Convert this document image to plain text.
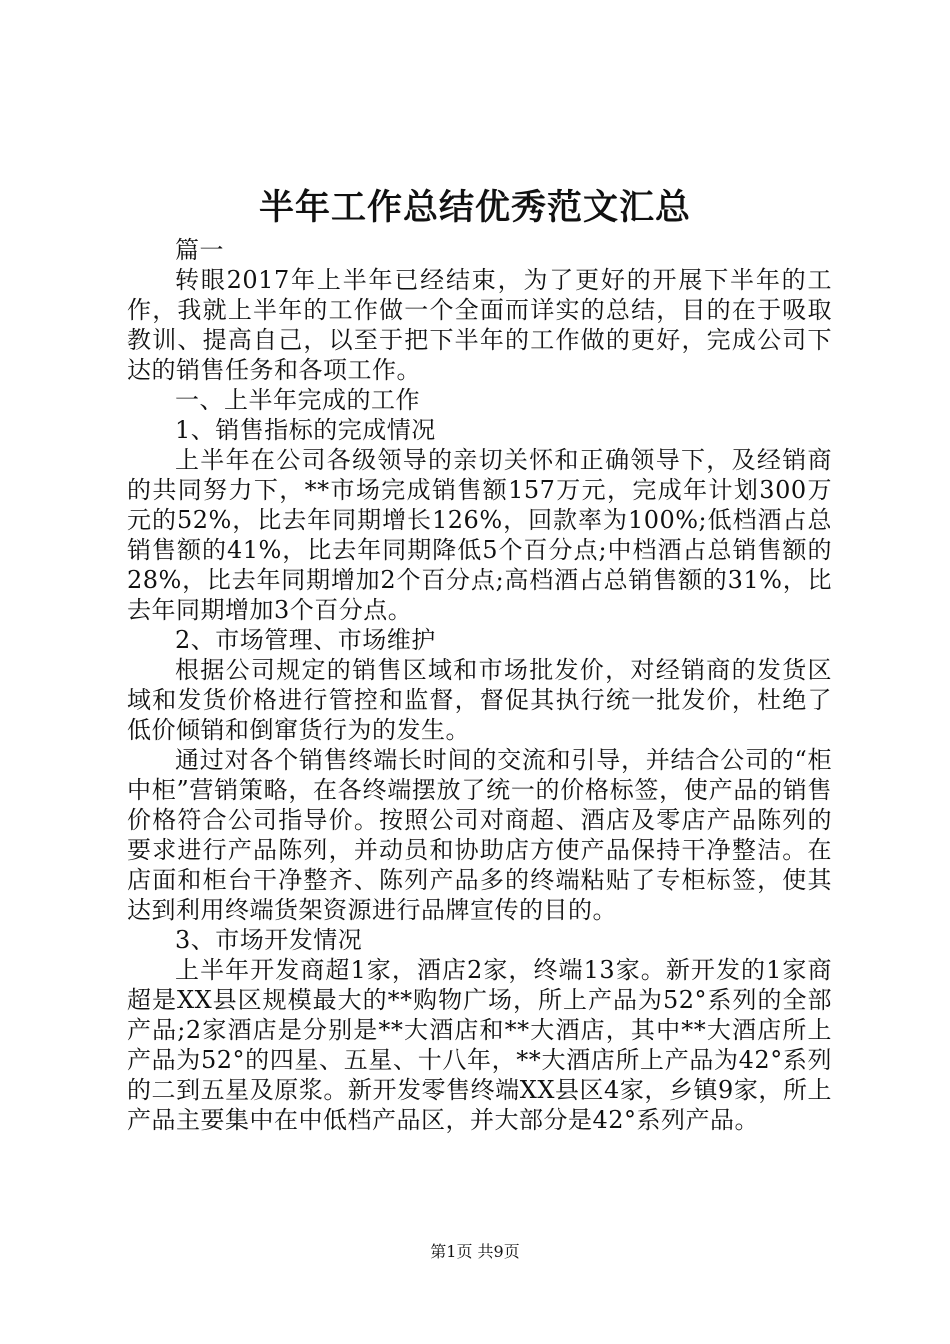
半年工作总结优秀范文汇总

篇一

转眼2017年上半年已经结束，为了更好的开展下半年的工作，我就上半年的工作做一个全面而详实的总结，目的在于吸取教训、提高自己，以至于把下半年的工作做的更好，完成公司下达的销售任务和各项工作。

一、上半年完成的工作

1、销售指标的完成情况

上半年在公司各级领导的亲切关怀和正确领导下，及经销商的共同努力下，**市场完成销售额157万元，完成年计划300万元的52%，比去年同期增长126%，回款率为100%;低档酒占总销售额的41%，比去年同期降低5个百分点;中档酒占总销售额的28%，比去年同期增加2个百分点;高档酒占总销售额的31%，比去年同期增加3个百分点。

2、市场管理、市场维护

根据公司规定的销售区域和市场批发价，对经销商的发货区域和发货价格进行管控和监督，督促其执行统一批发价，杜绝了低价倾销和倒窜货行为的发生。

通过对各个销售终端长时间的交流和引导，并结合公司的“柜中柜”营销策略，在各终端摆放了统一的价格标签，使产品的销售价格符合公司指导价。按照公司对商超、酒店及零店产品陈列的要求进行产品陈列，并动员和协助店方使产品保持干净整洁。在店面和柜台干净整齐、陈列产品多的终端粘贴了专柜标签，使其达到利用终端货架资源进行品牌宣传的目的。

3、市场开发情况

上半年开发商超1家，酒店2家，终端13家。新开发的1家商超是XX县区规模最大的**购物广场，所上产品为52°系列的全部产品;2家酒店是分别是**大酒店和**大酒店，其中**大酒店所上产品为52°的四星、五星、十八年，**大酒店所上产品为42°系列的二到五星及原浆。新开发零售终端XX县区4家，乡镇9家，所上产品主要集中在中低档产品区，并大部分是42°系列产品。

第1页 共9页
